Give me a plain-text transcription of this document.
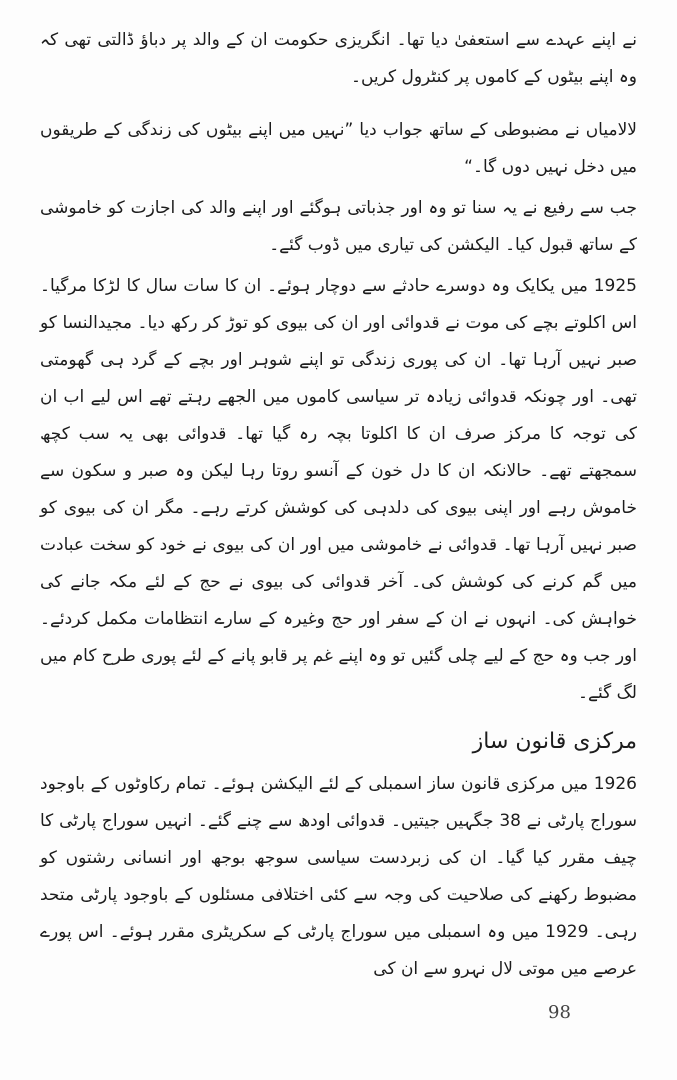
نے اپنے عہدے سے استعفیٰ دیا تھا۔ انگریزی حکومت ان کے والد پر دباؤ ڈالتی تھی کہ وہ اپنے بیٹوں کے کاموں پر کنٹرول کریں۔

لالامیاں نے مضبوطی کے ساتھ جواب دیا ”نہیں میں اپنے بیٹوں کی زندگی کے طریقوں میں دخل نہیں دوں گا۔“

جب سے رفیع نے یہ سنا تو وہ اور جذباتی ہوگئے اور اپنے والد کی اجازت کو خاموشی کے ساتھ قبول کیا۔ الیکشن کی تیاری میں ڈوب گئے۔

1925 میں یکایک وہ دوسرے حادثے سے دوچار ہوئے۔ ان کا سات سال کا لڑکا مرگیا۔ اس اکلوتے بچے کی موت نے قدوائی اور ان کی بیوی کو توڑ کر رکھ دیا۔ مجیدالنسا کو صبر نہیں آرہا تھا۔ ان کی پوری زندگی تو اپنے شوہر اور بچے کے گرد ہی گھومتی تھی۔ اور چونکہ قدوائی زیادہ تر سیاسی کاموں میں الجھے رہتے تھے اس لیے اب ان کی توجہ کا مرکز صرف ان کا اکلوتا بچہ رہ گیا تھا۔ قدوائی بھی یہ سب کچھ سمجھتے تھے۔ حالانکہ ان کا دل خون کے آنسو روتا رہا لیکن وہ صبر و سکون سے خاموش رہے اور اپنی بیوی کی دلدہی کی کوشش کرتے رہے۔ مگر ان کی بیوی کو صبر نہیں آرہا تھا۔ قدوائی نے خاموشی میں اور ان کی بیوی نے خود کو سخت عبادت میں گم کرنے کی کوشش کی۔ آخر قدوائی کی بیوی نے حج کے لئے مکہ جانے کی خواہش کی۔ انہوں نے ان کے سفر اور حج وغیرہ کے سارے انتظامات مکمل کردئے۔ اور جب وہ حج کے لیے چلی گئیں تو وہ اپنے غم پر قابو پانے کے لئے پوری طرح کام میں لگ گئے۔

مرکزی قانون ساز

1926 میں مرکزی قانون ساز اسمبلی کے لئے الیکشن ہوئے۔ تمام رکاوٹوں کے باوجود سوراج پارٹی نے 38 جگہیں جیتیں۔ قدوائی اودھ سے چنے گئے۔ انہیں سوراج پارٹی کا چیف مقرر کیا گیا۔ ان کی زبردست سیاسی سوجھ بوجھ اور انسانی رشتوں کو مضبوط رکھنے کی صلاحیت کی وجہ سے کئی اختلافی مسئلوں کے باوجود پارٹی متحد رہی۔ 1929 میں وہ اسمبلی میں سوراج پارٹی کے سکریٹری مقرر ہوئے۔ اس پورے عرصے میں موتی لال نہرو سے ان کی

98
